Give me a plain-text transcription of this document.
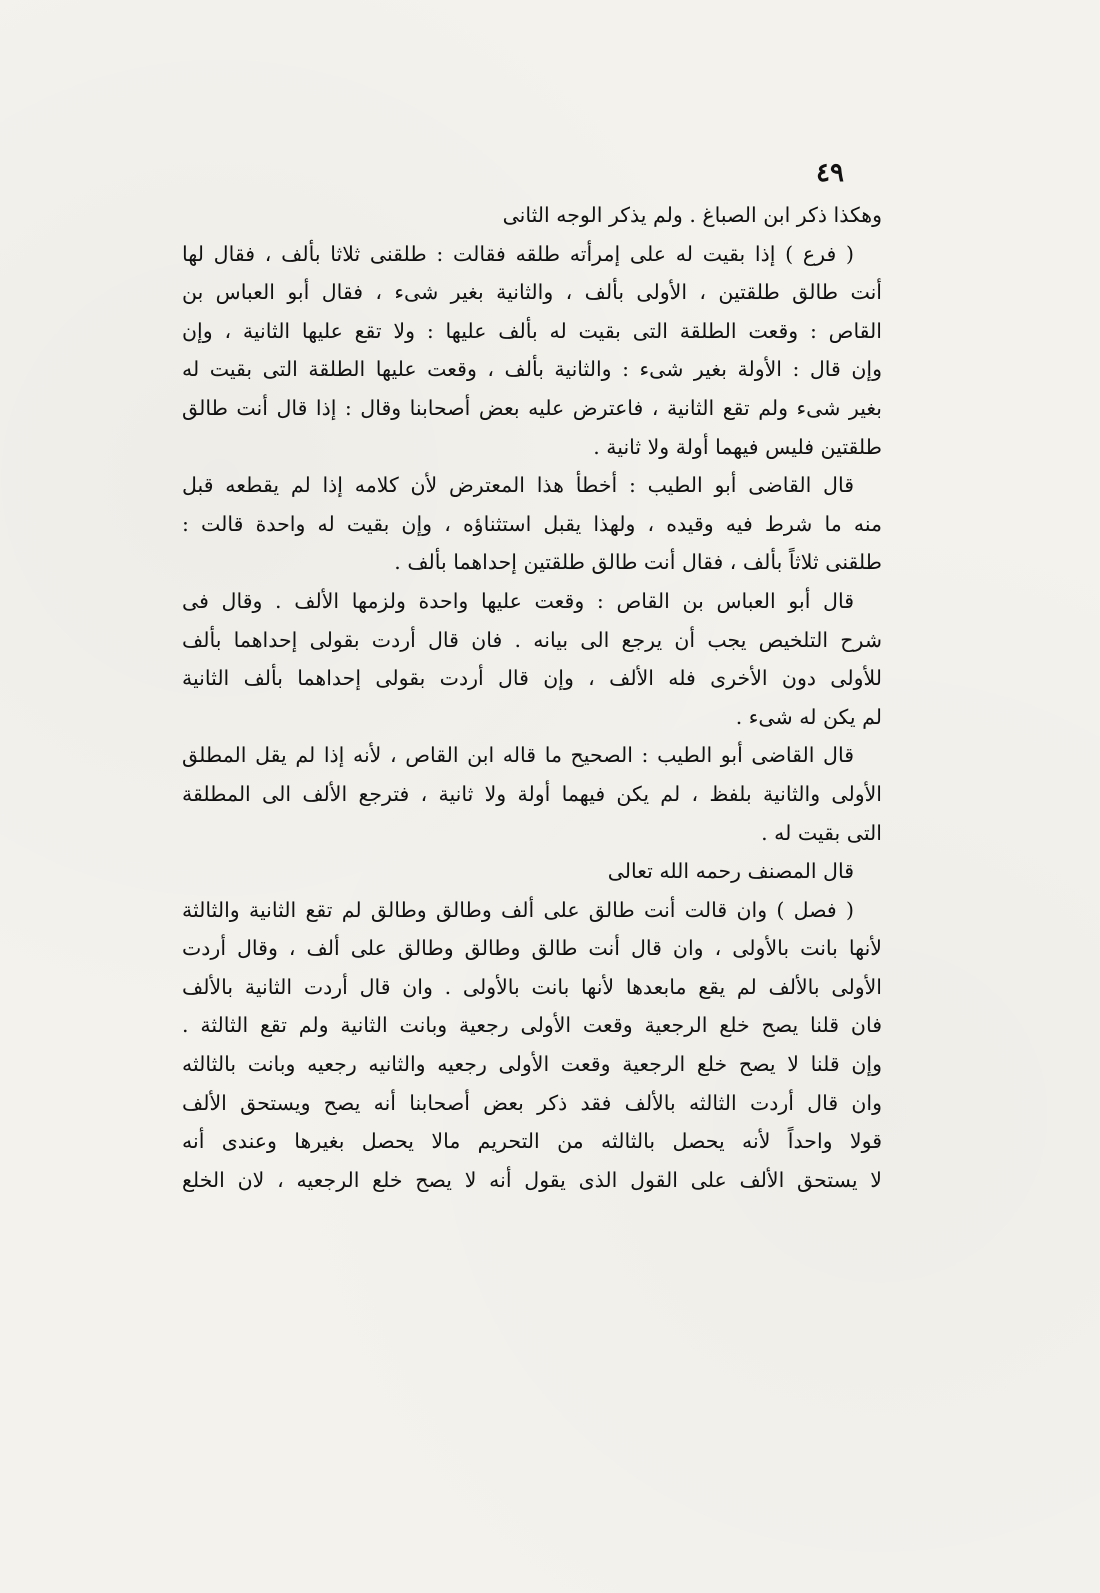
٤٩
وهكذا ذكر ابن الصباغ . ولم يذكر الوجه الثانى
( فرع ) إذا بقيت له على إمرأته طلقه فقالت : طلقنى ثلاثا بألف ، فقال لها
أنت طالق طلقتين ، الأولى بألف ، والثانية بغير شىء ، فقال أبو العباس بن
القاص : وقعت الطلقة التى بقيت له بألف عليها : ولا تقع عليها الثانية ، وإن
وإن قال : الأولة بغير شىء : والثانية بألف ، وقعت عليها الطلقة التى بقيت له
بغير شىء ولم تقع الثانية ، فاعترض عليه بعض أصحابنا وقال : إذا قال أنت طالق
طلقتين فليس فيهما أولة ولا ثانية .
قال القاضى أبو الطيب : أخطأ هذا المعترض لأن كلامه إذا لم يقطعه قبل
منه ما شرط فيه وقيده ، ولهذا يقبل استثناؤه ، وإن بقيت له واحدة قالت :
طلقنى ثلاثاً بألف ، فقال أنت طالق طلقتين إحداهما بألف .
قال أبو العباس بن القاص : وقعت عليها واحدة ولزمها الألف . وقال فى
شرح التلخيص يجب أن يرجع الى بيانه . فان قال أردت بقولى إحداهما بألف
للأولى دون الأخرى فله الألف ، وإن قال أردت بقولى إحداهما بألف الثانية
لم يكن له شىء .
قال القاضى أبو الطيب : الصحيح ما قاله ابن القاص ، لأنه إذا لم يقل المطلق
الأولى والثانية بلفظ ، لم يكن فيهما أولة ولا ثانية ، فترجع الألف الى المطلقة
التى بقيت له .
قال المصنف رحمه الله تعالى
( فصل ) وان قالت أنت طالق على ألف وطالق وطالق لم تقع الثانية والثالثة
لأنها بانت بالأولى ، وان قال أنت طالق وطالق وطالق على ألف ، وقال أردت
الأولى بالألف لم يقع مابعدها لأنها بانت بالأولى . وان قال أردت الثانية بالألف
فان قلنا يصح خلع الرجعية وقعت الأولى رجعية وبانت الثانية ولم تقع الثالثة .
وإن قلنا لا يصح خلع الرجعية وقعت الأولى رجعيه والثانيه رجعيه وبانت بالثالثه
وان قال أردت الثالثه بالألف فقد ذكر بعض أصحابنا أنه يصح ويستحق الألف
قولا واحداً لأنه يحصل بالثالثه من التحريم مالا يحصل بغيرها وعندى أنه
لا يستحق الألف على القول الذى يقول أنه لا يصح خلع الرجعيه ، لان الخلع
